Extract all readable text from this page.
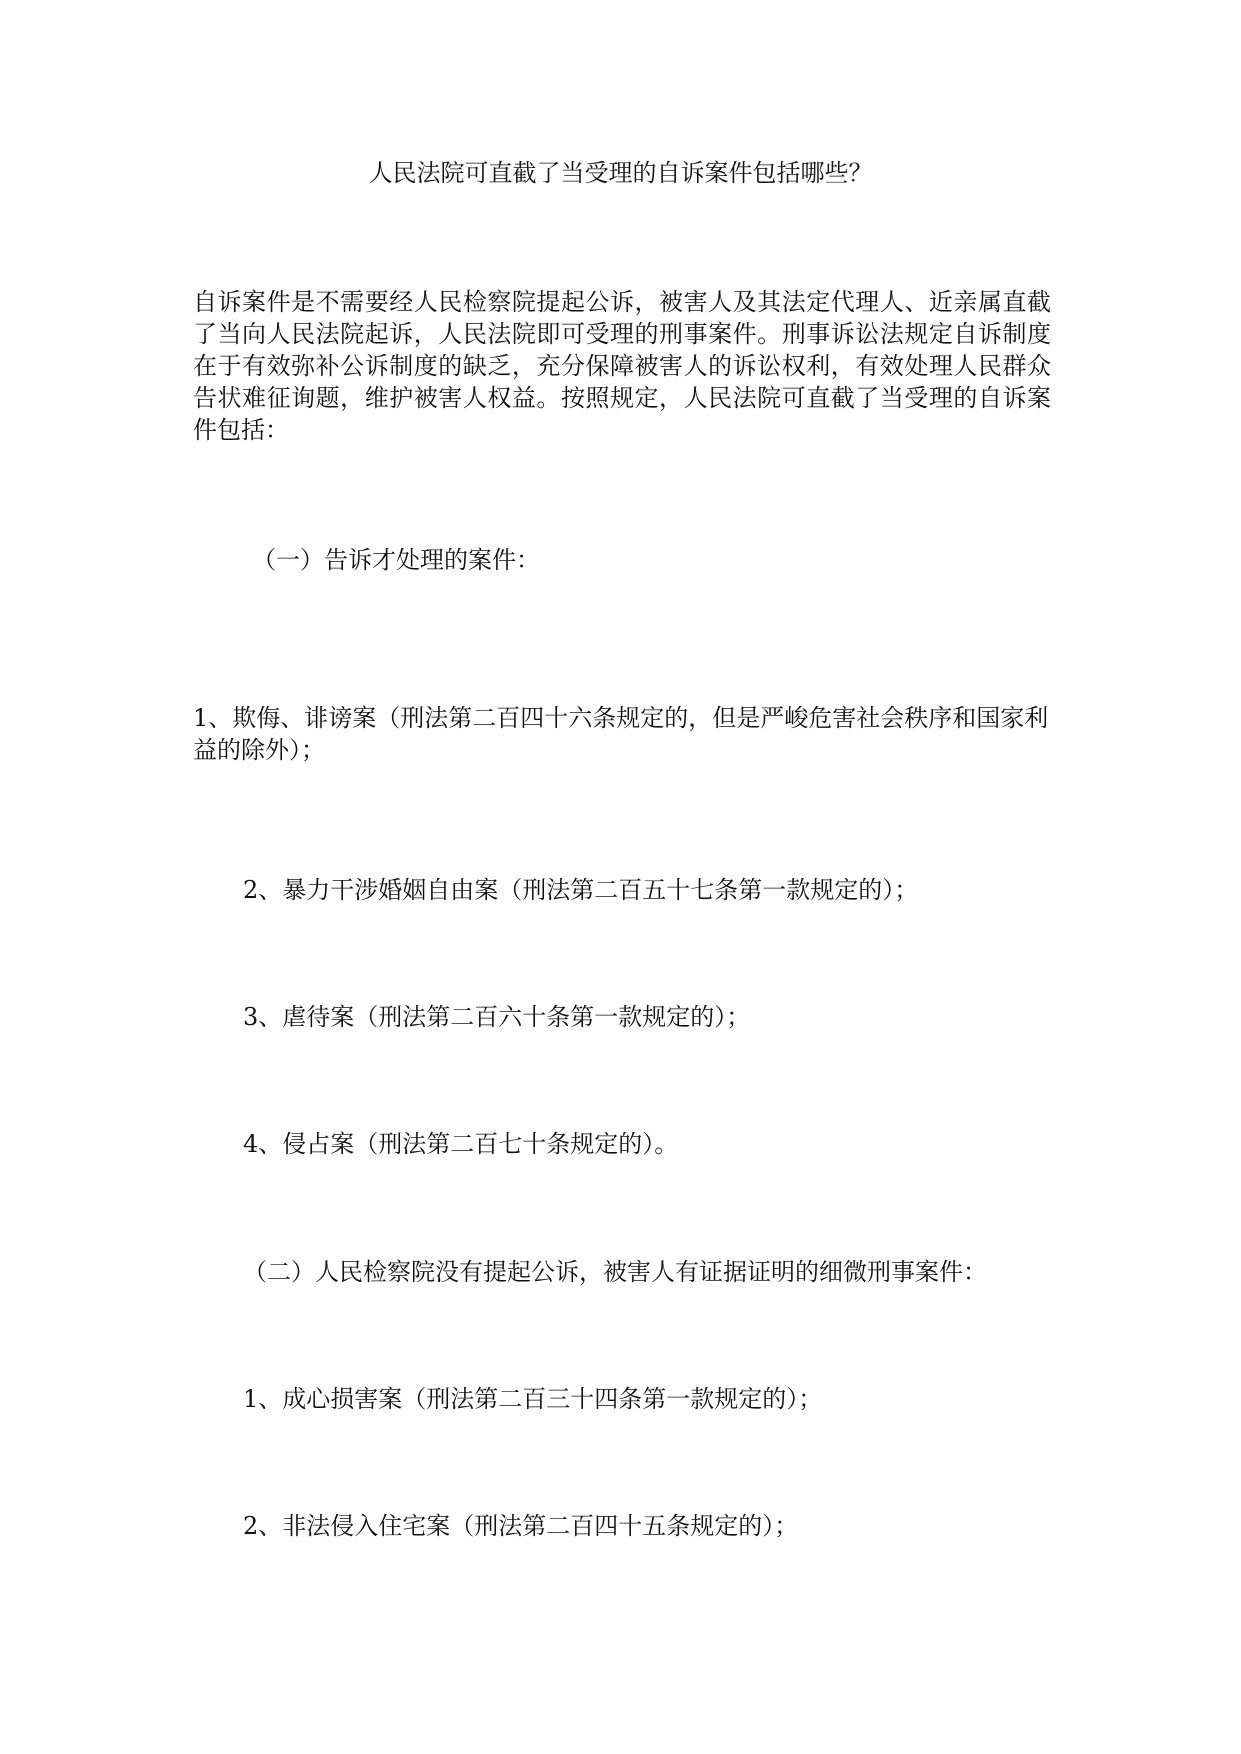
人民法院可直截了当受理的自诉案件包括哪些？

自诉案件是不需要经人民检察院提起公诉，被害人及其法定代理人、近亲属直截了当向人民法院起诉，人民法院即可受理的刑事案件。刑事诉讼法规定自诉制度在于有效弥补公诉制度的缺乏，充分保障被害人的诉讼权利，有效处理人民群众告状难征询题，维护被害人权益。按照规定，人民法院可直截了当受理的自诉案件包括：

（一）告诉才处理的案件：

1、欺侮、诽谤案（刑法第二百四十六条规定的，但是严峻危害社会秩序和国家利益的除外）；

2、暴力干涉婚姻自由案（刑法第二百五十七条第一款规定的）；

3、虐待案（刑法第二百六十条第一款规定的）；

4、侵占案（刑法第二百七十条规定的）。

（二）人民检察院没有提起公诉，被害人有证据证明的细微刑事案件：

1、成心损害案（刑法第二百三十四条第一款规定的）；

2、非法侵入住宅案（刑法第二百四十五条规定的）；
